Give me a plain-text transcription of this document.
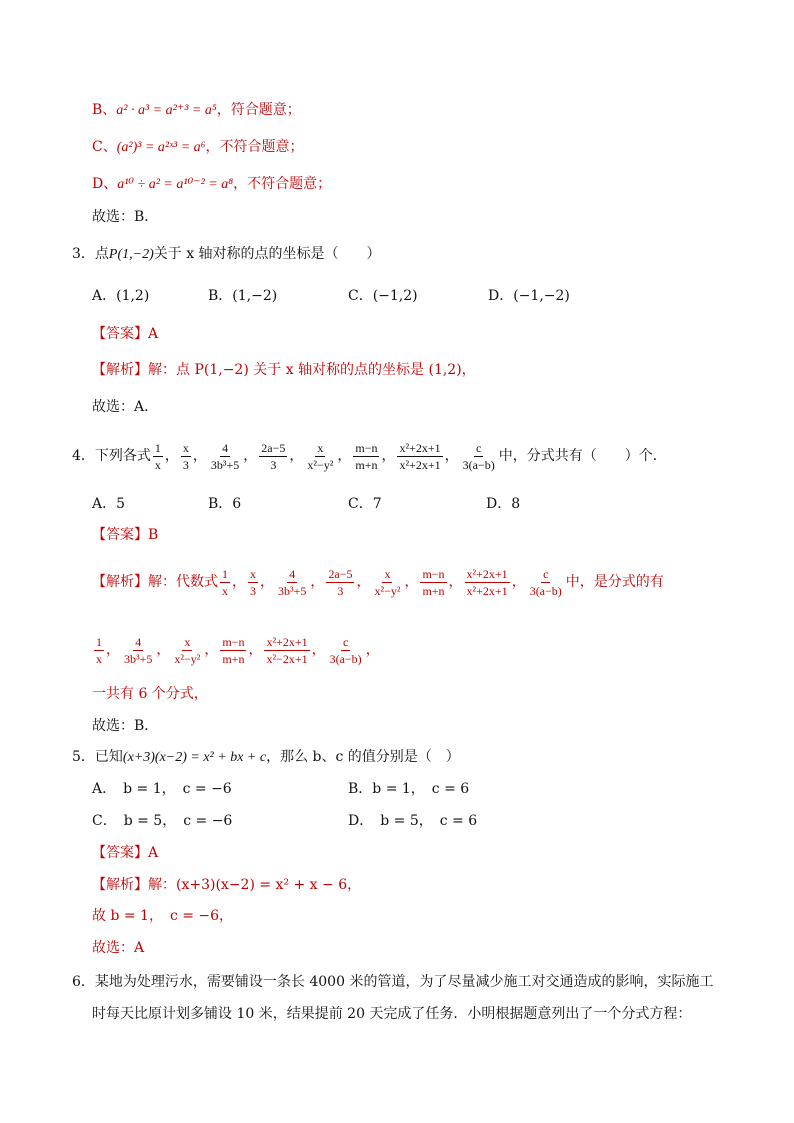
B、a² · a³ = a²⁺³ = a⁵，符合题意；
C、(a²)³ = a²ˣ³ = a⁶，不符合题意；
D、a¹⁰ ÷ a² = a¹⁰⁻² = a⁸，不符合题意；
故选：B．
3．点P(1,−2)关于 x 轴对称的点的坐标是（　　）
A．(1,2)	B．(1,−2)	C．(−1,2)	D．(−1,−2)
【答案】A
【解析】解：点 P(1,−2) 关于 x 轴对称的点的坐标是 (1,2)，
故选：A．
4． 下列各式 $\frac{1}{x}$ ， $\frac{x}{3}$ ， $\frac{4}{\text{3b³+5}}$ ， $\frac{2a-5}{3}$ ， $\frac{x}{\text{x²−y²}}$ ， $\frac{m-n}{m+n}$ ， $\frac{\text{x²+2x+1}}{\text{x²+2x+1}}$ ， $\frac{c}{3(a-b)}$ 中，分式共有（　　）个．
A．5	B．6	C．7	D．8
【答案】B
【解析】 解：代数式 $\frac{1}{x}$ ， $\frac{x}{3}$ ， $\frac{4}{\text{3b³+5}}$ ， $\frac{2a-5}{3}$ ， $\frac{x}{\text{x²−y²}}$ ， $\frac{m-n}{m+n}$ ， $\frac{\text{x²+2x+1}}{\text{x²+2x+1}}$ ， $\frac{c}{3(a-b)}$ 中，是分式的有
$\frac{1}{x}$ ， $\frac{4}{\text{3b³+5}}$ ， $\frac{x}{\text{x²−y²}}$ ， $\frac{m-n}{m+n}$ ， $\frac{\text{x²+2x+1}}{\text{x²−2x+1}}$ ， $\frac{c}{3(a-b)}$ ，
一共有 6 个分式，
故选：B．
5．已知(x+3)(x−2) = x² + bx + c，那么 b、c 的值分别是（　）
A．　b = 1，　c = −6	B．b = 1，　c = 6
C．　b = 5，　c = −6	D．　b = 5，　c = 6
【答案】A
【解析】解：(x+3)(x−2) = x² + x − 6，
故 b = 1，　c = −6，
故选：A
6．某地为处理污水，需要铺设一条长 4000 米的管道，为了尽量减少施工对交通造成的影响，实际施工
时每天比原计划多铺设 10 米，结果提前 20 天完成了任务．小明根据题意列出了一个分式方程：
